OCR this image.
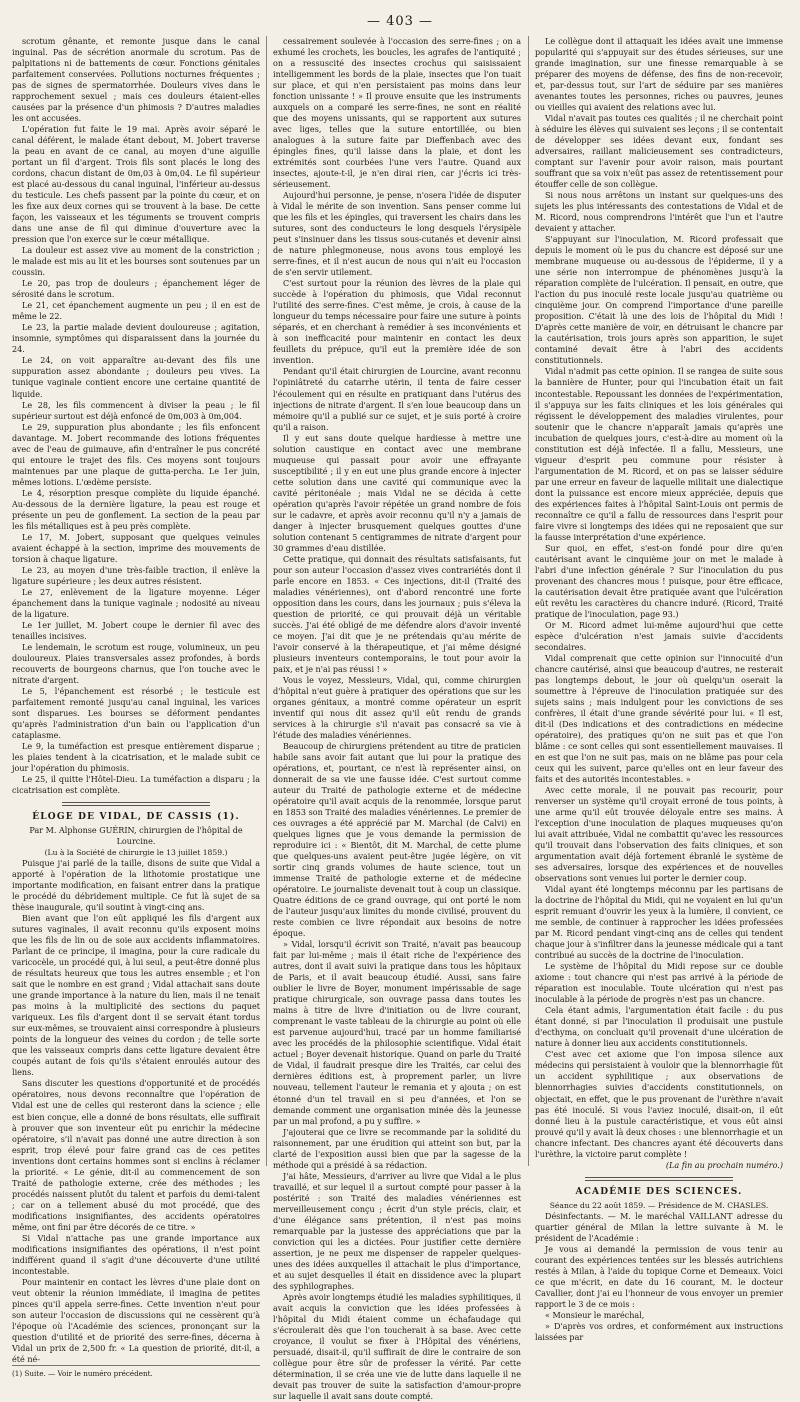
— 403 —

scrotum gênante, et remonte jusque dans le canal inguinal. Pas de sécrétion anormale du scrotum. Pas de palpitations ni de battements de cœur. Fonctions génitales parfaitement conservées. Pollutions nocturnes fréquentes ; pas de signes de spermatorrhée. Douleurs vives dans le rapprochement sexuel ; mais ces douleurs étaient-elles causées par la présence d'un phimosis ? D'autres maladies les ont accusées.

L'opération fut faite le 19 mai. Après avoir séparé le canal déférent, le malade étant debout, M. Jobert traverse la peau en avant de ce canal, au moyen d'une aiguille portant un fil d'argent. Trois fils sont placés le long des cordons, chacun distant de 0m,03 à 0m,04. Le fil supérieur est placé au-dessous du canal inguinal, l'inférieur au-dessus du testicule. Les chefs passent par la pointe du cœur, et on les fixe aux deux cornes qui se trouvent à la base. De cette façon, les vaisseaux et les téguments se trouvent compris dans une anse de fil qui diminue d'ouverture avec la pression que l'on exerce sur le cœur métallique.

La douleur est assez vive au moment de la constriction ; le malade est mis au lit et les bourses sont soutenues par un coussin.

Le 20, pas trop de douleurs ; épanchement léger de sérosité dans le scrotum.

Le 21, cet épanchement augmente un peu ; il en est de même le 22.

Le 23, la partie malade devient douloureuse ; agitation, insomnie, symptômes qui disparaissent dans la journée du 24.

Le 24, on voit apparaître au-devant des fils une suppuration assez abondante ; douleurs peu vives. La tunique vaginale contient encore une certaine quantité de liquide.

Le 28, les fils commencent à diviser la peau ; le fil supérieur surtout est déjà enfoncé de 0m,003 à 0m,004.

Le 29, suppuration plus abondante ; les fils enfoncent davantage. M. Jobert recommande des lotions fréquentes avec de l'eau de guimauve, afin d'entraîner le pus concrété qui entoure le trajet des fils. Ces moyens sont toujours maintenues par une plaque de gutta-percha. Le 1er juin, mêmes lotions. L'œdème persiste.

Le 4, résorption presque complète du liquide épanché. Au-dessous de la dernière ligature, la peau est rouge et présente un peu de gonflement. La section de la peau par les fils métalliques est à peu près complète.

Le 17, M. Jobert, supposant que quelques veinules avaient échappé à la section, imprime des mouvements de torsion à chaque ligature.

Le 23, au moyen d'une très-faible traction, il enlève la ligature supérieure ; les deux autres résistent.

Le 27, enlèvement de la ligature moyenne. Léger épanchement dans la tunique vaginale ; nodosité au niveau de la ligature.

Le 1er juillet, M. Jobert coupe le dernier fil avec des tenailles incisives.

Le lendemain, le scrotum est rouge, volumineux, un peu douloureux. Plaies transversales assez profondes, à bords recouverts de bourgeons charnus, que l'on touche avec le nitrate d'argent.

Le 5, l'épanchement est résorbé ; le testicule est parfaitement remonté jusqu'au canal inguinal, les varices sont disparues. Les bourses se déforment pendantes qu'après l'administration d'un bain ou l'application d'un cataplasme.

Le 9, la tuméfaction est presque entièrement disparue ; les plaies tendent à la cicatrisation, et le malade subit ce jour l'opération du phimosis.

Le 25, il quitte l'Hôtel-Dieu. La tuméfaction a disparu ; la cicatrisation est complète.

ÉLOGE DE VIDAL, DE CASSIS (1).

Par M. Alphonse GUÉRIN, chirurgien de l'hôpital de Lourcine.

(Lu à la Société de chirurgie le 13 juillet 1859.)

Puisque j'ai parlé de la taille, disons de suite que Vidal a apporté à l'opération de la lithotomie prostatique une importante modification, en faisant entrer dans la pratique le procédé du débridement multiple. Ce fut là sujet de sa thèse inaugurale, qu'il soutint à vingt-cinq ans.

Bien avant que l'on eût appliqué les fils d'argent aux sutures vaginales, il avait reconnu qu'ils exposent moins que les fils de lin ou de soie aux accidents inflammatoires. Parlant de ce principe, il imagina, pour la cure radicale du varicocèle, un procédé qui, à lui seul, a peut-être donné plus de résultats heureux que tous les autres ensemble ; et l'on sait que le nombre en est grand ; Vidal attachait sans doute une grande importance à la nature du lien, mais il ne tenait pas moins à la multiplicité des sections du paquet variqueux. Les fils d'argent dont il se servait étant tordus sur eux-mêmes, se trouvaient ainsi correspondre à plusieurs points de la longueur des veines du cordon ; de telle sorte que les vaisseaux compris dans cette ligature devaient être coupés autant de fois qu'ils s'étaient enroulés autour des liens.

Sans discuter les questions d'opportunité et de procédés opératoires, nous devons reconnaître que l'opération de Vidal est une de celles qui resteront dans la science ; elle est bien conçue, elle a donné de bons résultats, elle suffirait à prouver que son inventeur eût pu enrichir la médecine opératoire, s'il n'avait pas donné une autre direction à son esprit, trop élevé pour faire grand cas de ces petites inventions dont certains hommes sont si enclins à réclamer la priorité. « Le génie, dit-il au commencement de son Traité de pathologie externe, crée des méthodes ; les procédés naissent plutôt du talent et parfois du demi-talent ; car on a tellement abusé du mot procédé, que des modifications insignifiantes, des accidents opératoires même, ont fini par être décorés de ce titre. »

Si Vidal n'attache pas une grande importance aux modifications insignifiantes des opérations, il n'est point indifférent quand il s'agit d'une découverte d'une utilité incontestable.

Pour maintenir en contact les lèvres d'une plaie dont on veut obtenir la réunion immédiate, il imagina de petites pinces qu'il appela serre-fines. Cette invention n'eut pour son auteur l'occasion de discussions qui ne cessèrent qu'à l'époque où l'Académie des sciences, prononçant sur la question d'utilité et de priorité des serre-fines, décerna à Vidal un prix de 2,500 fr. « La question de priorité, dit-il, a été né-

(1) Suite. — Voir le numéro précédent.

cessairement soulevée à l'occasion des serre-fines ; on a exhumé les crochets, les boucles, les agrafes de l'antiquité ; on a ressuscité des insectes crochus qui saisissaient intelligemment les bords de la plaie, insectes que l'on tuait sur place, et qui n'en persistaient pas moins dans leur fonction unissante ! » Il prouve ensuite que les instruments auxquels on a comparé les serre-fines, ne sont en réalité que des moyens unissants, qui se rapportent aux sutures avec liges, telles que la suture entortillée, ou bien analogues à la suture faite par Dieffenbach avec des épingles fines, qu'il laisse dans la plaie, et dont les extrémités sont courbées l'une vers l'autre. Quand aux insectes, ajoute-t-il, je n'en dirai rien, car j'écris ici très-sérieusement.

Aujourd'hui personne, je pense, n'osera l'idée de disputer à Vidal le mérite de son invention. Sans penser comme lui que les fils et les épingles, qui traversent les chairs dans les sutures, sont des conducteurs le long desquels l'érysipèle peut s'insinuer dans les tissus sous-cutanés et devenir ainsi de nature phlegmoneuse, nous avons tous employé les serre-fines, et il n'est aucun de nous qui n'ait eu l'occasion de s'en servir utilement.

C'est surtout pour la réunion des lèvres de la plaie qui succède à l'opération du phimosis, que Vidal reconnut l'utilité des serre-fines. C'est même, je crois, à cause de la longueur du temps nécessaire pour faire une suture à points séparés, et en cherchant à remédier à ses inconvénients et à son inefficacité pour maintenir en contact les deux feuillets du prépuce, qu'il eut la première idée de son invention.

Pendant qu'il était chirurgien de Lourcine, avant reconnu l'opiniâtreté du catarrhe utérin, il tenta de faire cesser l'écoulement qui en résulte en pratiquant dans l'utérus des injections de nitrate d'argent. Il s'en loue beaucoup dans un mémoire qu'il a publié sur ce sujet, et je suis porté à croire qu'il a raison.

Il y eut sans doute quelque hardiesse à mettre une solution caustique en contact avec une membrane muqueuse qui passait pour avoir une effrayante susceptibilité ; il y en eut une plus grande encore à injecter cette solution dans une cavité qui communique avec la cavité péritonéale ; mais Vidal ne se décida à cette opération qu'après l'avoir répétée un grand nombre de fois sur le cadavre, et après avoir reconnu qu'il n'y a jamais de danger à injecter brusquement quelques gouttes d'une solution contenant 5 centigrammes de nitrate d'argent pour 30 grammes d'eau distillée.

Cette pratique, qui donnait des résultats satisfaisants, fut pour son auteur l'occasion d'assez vives contrariétés dont il parle encore en 1853. « Ces injections, dit-il (Traité des maladies vénériennes), ont d'abord rencontré une forte opposition dans les cours, dans les journaux ; puis s'éleva la question de priorité, ce qui prouvait déjà un véritable succès. J'ai été obligé de me défendre alors d'avoir inventé ce moyen. J'ai dit que je ne prétendais qu'au mérite de l'avoir conservé à la thérapeutique, et j'ai même désigné plusieurs inventeurs contemporains, le tout pour avoir la paix, et je n'ai pas réussi ! »

Vous le voyez, Messieurs, Vidal, qui, comme chirurgien d'hôpital n'eut guère à pratiquer des opérations que sur les organes génitaux, a montré comme opérateur un esprit inventif qui nous dit assez qu'il eût rendu de grands services à la chirurgie s'il n'avait pas consacré sa vie à l'étude des maladies vénériennes.

Beaucoup de chirurgiens prétendent au titre de praticien habile sans avoir fait autant que lui pour la pratique des opérations, et, pourtant, ce n'est là représenter ainsi, on donnerait de sa vie une fausse idée. C'est surtout comme auteur du Traité de pathologie externe et de médecine opératoire qu'il avait acquis de la renommée, lorsque parut en 1853 son Traité des maladies vénériennes. Le premier de ces ouvrages a été apprécié par M. Marchal (de Calvi) en quelques lignes que je vous demande la permission de reproduire ici : « Bientôt, dit M. Marchal, de cette plume que quelques-uns avaient peut-être jugée légère, on vit sortir cinq grands volumes de haute science, tout un immense Traité de pathologie externe et de médecine opératoire. Le journaliste devenait tout à coup un classique. Quatre éditions de ce grand ouvrage, qui ont porté le nom de l'auteur jusqu'aux limites du monde civilisé, prouvent du reste combien ce livre répondait aux besoins de notre époque.

» Vidal, lorsqu'il écrivit son Traité, n'avait pas beaucoup fait par lui-même ; mais il était riche de l'expérience des autres, dont il avait suivi la pratique dans tous les hôpitaux de Paris, et il avait beaucoup étudié. Aussi, sans faire oublier le livre de Boyer, monument impérissable de sage pratique chirurgicale, son ouvrage passa dans toutes les mains à titre de livre d'initiation ou de livre courant, comprenant le vaste tableau de la chirurgie au point où elle est parvenue aujourd'hui, tracé par un homme familiarisé avec les procédés de la philosophie scientifique. Vidal était actuel ; Boyer devenait historique. Quand on parle du Traité de Vidal, il faudrait presque dire les Traités, car celui des dernières éditions est, à proprement parler, un livre nouveau, tellement l'auteur le remania et y ajouta ; on est étonné d'un tel travail en si peu d'années, et l'on se demande comment une organisation minée dès la jeunesse par un mal profond, a pu y suffire. »

J'ajouterai que ce livre se recommande par la solidité du raisonnement, par une érudition qui atteint son but, par la clarté de l'exposition aussi bien que par la sagesse de la méthode qui a présidé à sa rédaction.

J'ai hâte, Messieurs, d'arriver au livre que Vidal a le plus travaillé, et sur lequel il a surtout compté pour passer à la postérité : son Traité des maladies vénériennes est merveilleusement conçu ; écrit d'un style précis, clair, et d'une élégance sans prétention, il n'est pas moins remarquable par la justesse des appréciations que par la conviction qui les a dictées. Pour justifier cette dernière assertion, je ne peux me dispenser de rappeler quelques-unes des idées auxquelles il attachait le plus d'importance, et au sujet desquelles il était en dissidence avec la plupart des syphilographes.

Après avoir longtemps étudié les maladies syphilitiques, il avait acquis la conviction que les idées professées à l'hôpital du Midi étaient comme un échafaudage qui s'écroulerait dès que l'on toucherait à sa base. Avec cette croyance, il voulut se fixer à l'Hôpital des vénériens, persuadé, disait-il, qu'il suffirait de dire le contraire de son collègue pour être sûr de professer la vérité. Par cette détermination, il se créa une vie de lutte dans laquelle il ne devait pas trouver de suite la satisfaction d'amour-propre sur laquelle il avait sans doute compté.

Le collègue dont il attaquait les idées avait une immense popularité qui s'appuyait sur des études sérieuses, sur une grande imagination, sur une finesse remarquable à se préparer des moyens de défense, des fins de non-recevoir, et, par-dessus tout, sur l'art de séduire par ses manières avenantes toutes les personnes, riches ou pauvres, jeunes ou vieilles qui avaient des relations avec lui.

Vidal n'avait pas toutes ces qualités ; il ne cherchait point à séduire les élèves qui suivaient ses leçons ; il se contentait de développer ses idées devant eux, fondant ses adversaires, raillant malicieusement ses contradicteurs, comptant sur l'avenir pour avoir raison, mais pourtant souffrant que sa voix n'eût pas assez de retentissement pour étouffer celle de son collègue.

Si nous nous arrêtons un instant sur quelques-uns des sujets les plus intéressants des contestations de Vidal et de M. Ricord, nous comprendrons l'intérêt que l'un et l'autre devaient y attacher.

S'appuyant sur l'inoculation, M. Ricord professait que depuis le moment où le pus du chancre est déposé sur une membrane muqueuse ou au-dessous de l'épiderme, il y a une série non interrompue de phénomènes jusqu'à la réparation complète de l'ulcération. Il pensait, en outre, que l'action du pus inoculé reste locale jusqu'au quatrième ou cinquième jour. On comprend l'importance d'une pareille proposition. C'était là une des lois de l'hôpital du Midi ! D'après cette manière de voir, en détruisant le chancre par la cautérisation, trois jours après son apparition, le sujet contaminé devait être à l'abri des accidents constitutionnels.

Vidal n'admit pas cette opinion. Il se rangea de suite sous la bannière de Hunter, pour qui l'incubation était un fait incontestable. Repoussant les données de l'expérimentation, il s'appuya sur les faits cliniques et les lois générales qui régissent le développement des maladies virulentes, pour soutenir que le chancre n'apparaît jamais qu'après une incubation de quelques jours, c'est-à-dire au moment où la constitution est déjà infectée. Il a fallu, Messieurs, une vigueur d'esprit peu commune pour résister à l'argumentation de M. Ricord, et on pas se laisser séduire par une erreur en faveur de laquelle militait une dialectique dont la puissance est encore mieux appréciée, depuis que des expériences faites à l'hôpital Saint-Louis ont permis de reconnaître ce qu'il a fallu de ressources dans l'esprit pour faire vivre si longtemps des idées qui ne reposaient que sur la fausse interprétation d'une expérience.

Sur quoi, en effet, s'est-on fondé pour dire qu'en cautérisant avant le cinquième jour on met le malade à l'abri d'une infection générale ? Sur l'inoculation du pus provenant des chancres mous ! puisque, pour être efficace, la cautérisation devait être pratiquée avant que l'ulcération eût revêtu les caractères du chancre induré. (Ricord, Traité pratique de l'inoculation, page 93.)

Or M. Ricord admet lui-même aujourd'hui que cette espèce d'ulcération n'est jamais suivie d'accidents secondaires.

Vidal comprenait que cette opinion sur l'innocuité d'un chancre cautérisé, ainsi que beaucoup d'autres, ne resterait pas longtemps debout, le jour où quelqu'un oserait la soumettre à l'épreuve de l'inoculation pratiquée sur des sujets sains ; mais indulgent pour les convictions de ses confrères, il était d'une grande sévérité pour lui. « Il est, dit-il (Des indications et des contradictions en médecine opératoire), des pratiques qu'on ne suit pas et que l'on blâme : ce sont celles qui sont essentiellement mauvaises. Il en est que l'on ne suit pas, mais on ne blâme pas pour cela ceux qui les suivent, parce qu'elles ont en leur faveur des faits et des autorités incontestables. »

Avec cette morale, il ne pouvait pas recourir, pour renverser un système qu'il croyait erroné de tous points, à une arme qu'il eût trouvée déloyale entre ses mains. À l'exception d'une inoculation de plaques muqueuses qu'on lui avait attribuée, Vidal ne combattit qu'avec les ressources qu'il trouvait dans l'observation des faits cliniques, et son argumentation avait déjà fortement ébranlé le système de ses adversaires, lorsque des expériences et de nouvelles observations sont venues lui porter le dernier coup.

Vidal ayant été longtemps méconnu par les partisans de la doctrine de l'hôpital du Midi, qui ne voyaient en lui qu'un esprit remuant d'ouvrir les yeux à la lumière, il convient, ce me semble, de continuer à rapprocher les idées professées par M. Ricord pendant vingt-cinq ans de celles qui tendent chaque jour à s'infiltrer dans la jeunesse médicale qui a tant contribué au succès de la doctrine de l'inoculation.

Le système de l'hôpital du Midi repose sur ce double axiome : tout chancre qui n'est pas arrivé à la période de réparation est inoculable. Toute ulcération qui n'est pas inoculable à la période de progrès n'est pas un chancre.

Cela étant admis, l'argumentation était facile : du pus étant donné, si par l'inoculation il produisait une pustule d'ecthyma, on concluait qu'il provenait d'une ulcération de nature à donner lieu aux accidents constitutionnels.

C'est avec cet axiome que l'on imposa silence aux médecins qui persistaient à vouloir que la blennorrhagie fût un accident syphilitique ; aux observations de blennorrhagies suivies d'accidents constitutionnels, on objectait, en effet, que le pus provenant de l'urèthre n'avait pas été inoculé. Si vous l'aviez inoculé, disait-on, il eût donné lieu à la pustule caractéristique, et vous eût ainsi prouvé qu'il y avait là deux choses : une blennorrhagie et un chancre infectant. Des chancres ayant été découverts dans l'urèthre, la victoire parut complète !

(La fin au prochain numéro.)

ACADÉMIE DES SCIENCES.

Séance du 22 août 1859. — Présidence de M. CHASLES.

Désinfectants. — M. le maréchal VAILLANT adresse du quartier général de Milan la lettre suivante à M. le président de l'Académie :

Je vous ai demandé la permission de vous tenir au courant des expériences tentées sur les blessés autrichiens restés à Milan, à l'aide du topique Corne et Demeaux. Voici ce que m'écrit, en date du 16 courant, M. le docteur Cavallier, dont j'ai eu l'honneur de vous envoyer un premier rapport le 3 de ce mois :

« Monsieur le maréchal,

» D'après vos ordres, et conformément aux instructions laissées par
